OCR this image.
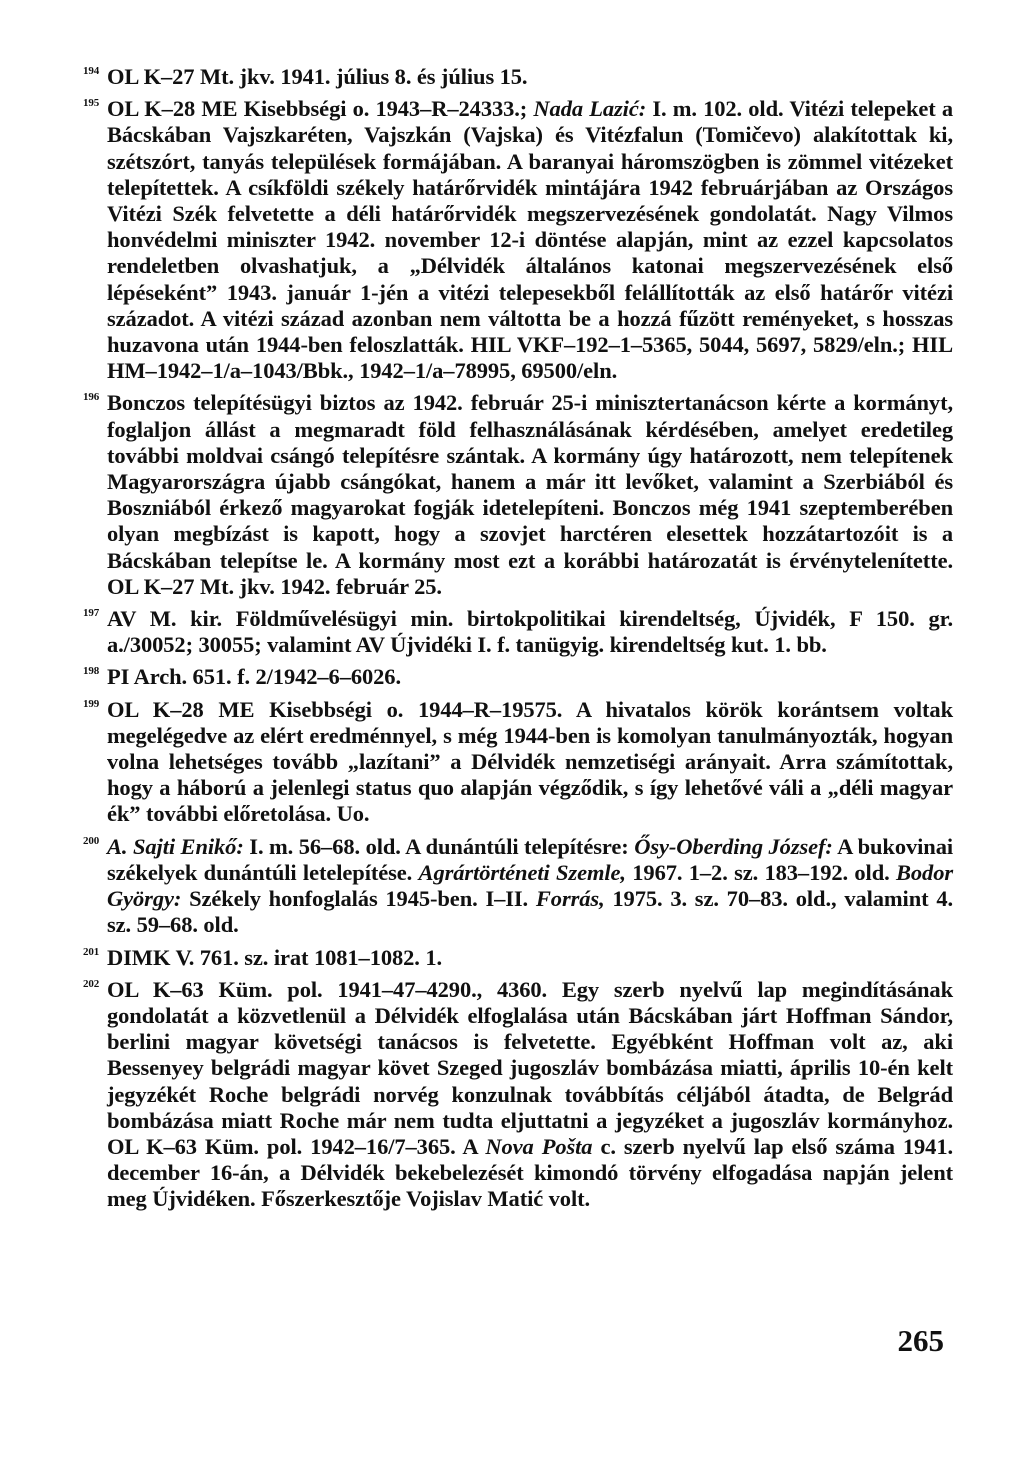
194 OL K–27 Mt. jkv. 1941. július 8. és július 15.
195 OL K–28 ME Kisebbségi o. 1943–R–24333.; Nada Lazić: I. m. 102. old. Vitézi telepeket a Bácskában Vajszkaréten, Vajszkán (Vajska) és Vitézfalun (Tomičevo) alakítottak ki, szétszórt, tanyás települések formájában. A baranyai háromszögben is zömmel vitézeket telepítettek. A csíkföldi székely határőrvidék mintájára 1942 februárjában az Országos Vitézi Szék felvetette a déli határőrvidék megszervezésének gondolatát. Nagy Vilmos honvédelmi miniszter 1942. november 12-i döntése alapján, mint az ezzel kapcsolatos rendeletben olvashatjuk, a „Délvidék általános katonai megszervezésének első lépéseként” 1943. január 1-jén a vitézi telepesekből felállították az első határőr vitézi századot. A vitézi század azonban nem váltotta be a hozzá fűzött reményeket, s hosszas huzavona után 1944-ben feloszlatták. HIL VKF–192–1–5365, 5044, 5697, 5829/eln.; HIL HM–1942–1/a–1043/Bbk., 1942–1/a–78995, 69500/eln.
196 Bonczos telepítésügyi biztos az 1942. február 25-i minisztertanácson kérte a kormányt, foglaljon állást a megmaradt föld felhasználásának kérdésében, amelyet eredetileg további moldvai csángó telepítésre szántak. A kormány úgy határozott, nem telepítenek Magyarországra újabb csángókat, hanem a már itt levőket, valamint a Szerbiából és Boszniából érkező magyarokat fogják idetelepíteni. Bonczos még 1941 szeptemberében olyan megbízást is kapott, hogy a szovjet harctéren elesettek hozzátartozóit is a Bácskában telepítse le. A kormány most ezt a korábbi határozatát is érvénytelenítette. OL K–27 Mt. jkv. 1942. február 25.
197 AV M. kir. Földművelésügyi min. birtokpolitikai kirendeltség, Újvidék, F 150. gr. a./30052; 30055; valamint AV Újvidéki I. f. tanügyig. kirendeltség kut. 1. bb.
198 PI Arch. 651. f. 2/1942–6–6026.
199 OL K–28 ME Kisebbségi o. 1944–R–19575. A hivatalos körök korántsem voltak megelégedve az elért eredménnyel, s még 1944-ben is komolyan tanulmányozták, hogyan volna lehetséges tovább „lazítani” a Délvidék nemzetiségi arányait. Arra számítottak, hogy a háború a jelenlegi status quo alapján végződik, s így lehetővé váli a „déli magyar ék” további előretolása. Uo.
200 A. Sajti Enikő: I. m. 56–68. old. A dunántúli telepítésre: Ősy-Oberding József: A bukovinai székelyek dunántúli letelepítése. Agrártörténeti Szemle, 1967. 1–2. sz. 183–192. old. Bodor György: Székely honfoglalás 1945-ben. I–II. Forrás, 1975. 3. sz. 70–83. old., valamint 4. sz. 59–68. old.
201 DIMK V. 761. sz. irat 1081–1082. 1.
202 OL K–63 Küm. pol. 1941–47–4290., 4360. Egy szerb nyelvű lap megindításának gondolatát a közvetlenül a Délvidék elfoglalása után Bácskában járt Hoffman Sándor, berlini magyar követségi tanácsos is felvetette. Egyébként Hoffman volt az, aki Bessenyey belgrádi magyar követ Szeged jugoszláv bombázása miatti, április 10-én kelt jegyzékét Roche belgrádi norvég konzulnak továbbítás céljából átadta, de Belgrád bombázása miatt Roche már nem tudta eljuttatni a jegyzéket a jugoszláv kormányhoz. OL K–63 Küm. pol. 1942–16/7–365. A Nova Pošta c. szerb nyelvű lap első száma 1941. december 16-án, a Délvidék bekebelezését kimondó törvény elfogadása napján jelent meg Újvidéken. Főszerkesztője Vojislav Matić volt.
265
